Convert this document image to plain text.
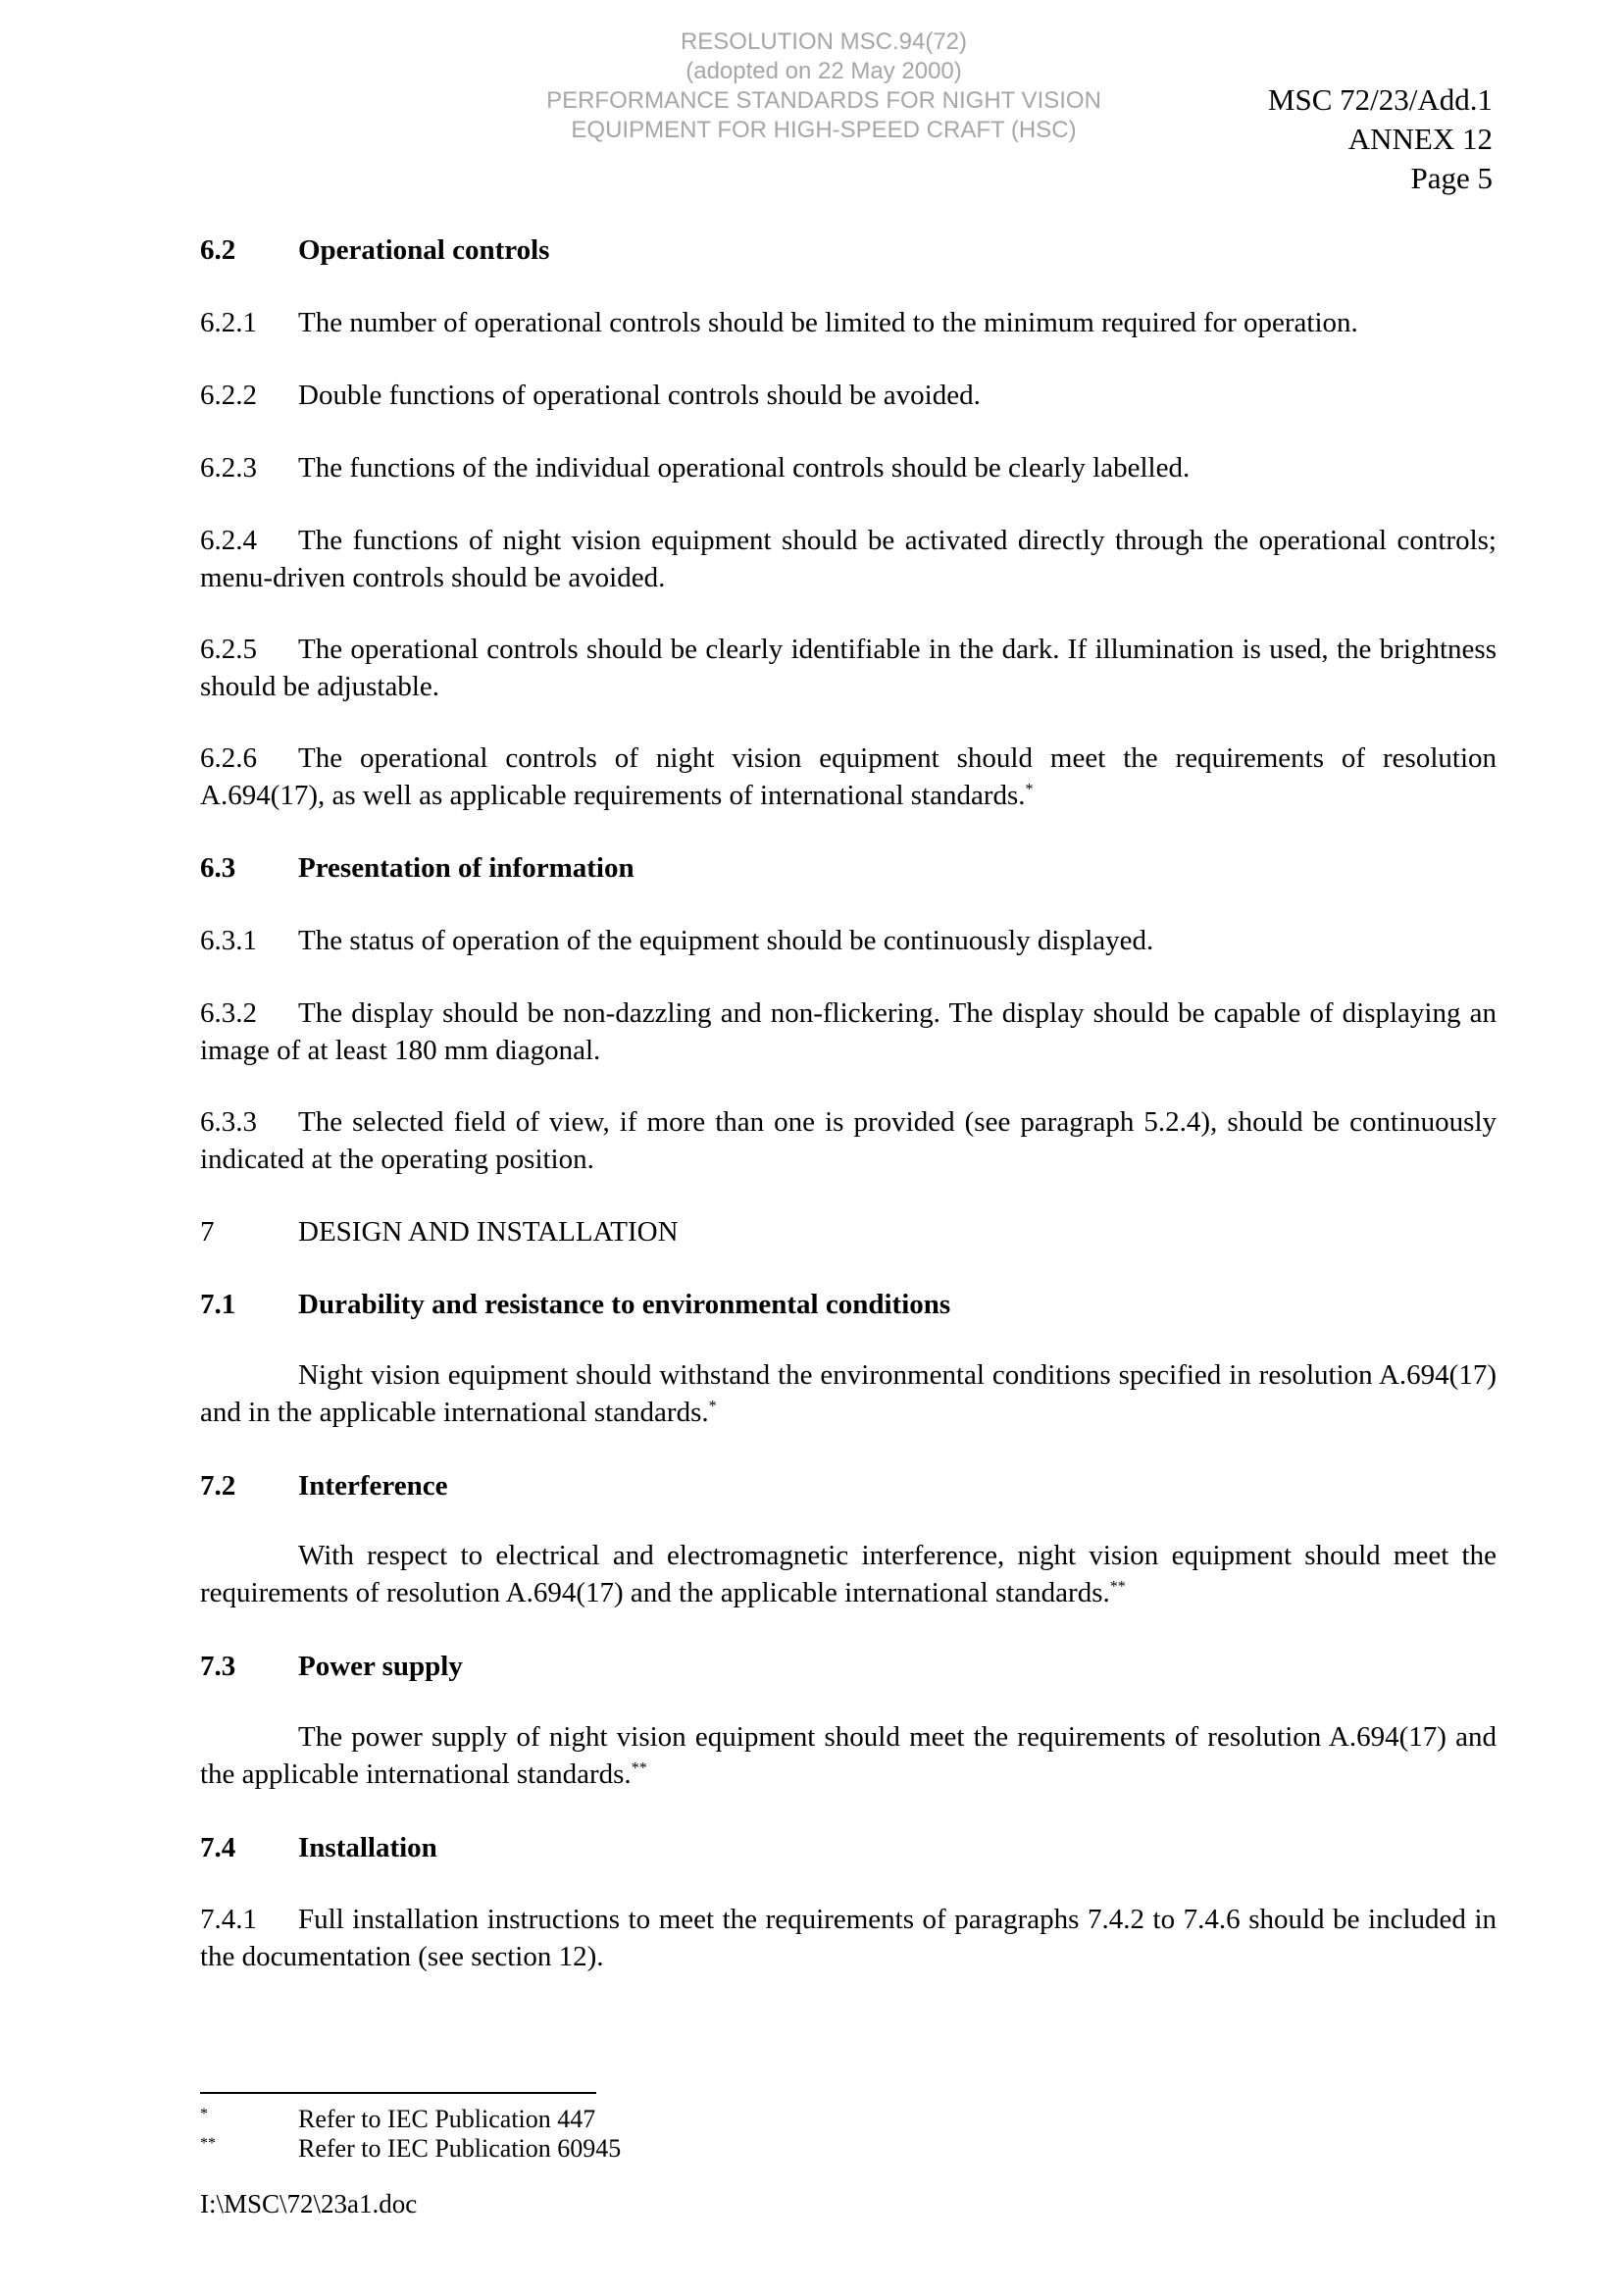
RESOLUTION MSC.94(72)
(adopted on 22 May 2000)
PERFORMANCE STANDARDS FOR NIGHT VISION
EQUIPMENT FOR HIGH-SPEED CRAFT (HSC)
MSC 72/23/Add.1
ANNEX 12
Page 5
6.2 Operational controls
6.2.1 The number of operational controls should be limited to the minimum required for operation.
6.2.2 Double functions of operational controls should be avoided.
6.2.3 The functions of the individual operational controls should be clearly labelled.
6.2.4 The functions of night vision equipment should be activated directly through the operational controls; menu-driven controls should be avoided.
6.2.5 The operational controls should be clearly identifiable in the dark. If illumination is used, the brightness should be adjustable.
6.2.6 The operational controls of night vision equipment should meet the requirements of resolution A.694(17), as well as applicable requirements of international standards.*
6.3 Presentation of information
6.3.1 The status of operation of the equipment should be continuously displayed.
6.3.2 The display should be non-dazzling and non-flickering. The display should be capable of displaying an image of at least 180 mm diagonal.
6.3.3 The selected field of view, if more than one is provided (see paragraph 5.2.4), should be continuously indicated at the operating position.
7	DESIGN AND INSTALLATION
7.1 Durability and resistance to environmental conditions
Night vision equipment should withstand the environmental conditions specified in resolution A.694(17) and in the applicable international standards.*
7.2 Interference
With respect to electrical and electromagnetic interference, night vision equipment should meet the requirements of resolution A.694(17) and the applicable international standards.**
7.3 Power supply
The power supply of night vision equipment should meet the requirements of resolution A.694(17) and the applicable international standards.**
7.4 Installation
7.4.1 Full installation instructions to meet the requirements of paragraphs 7.4.2 to 7.4.6 should be included in the documentation (see section 12).
*	Refer to IEC Publication 447
**	Refer to IEC Publication 60945
I:\MSC\72\23a1.doc
